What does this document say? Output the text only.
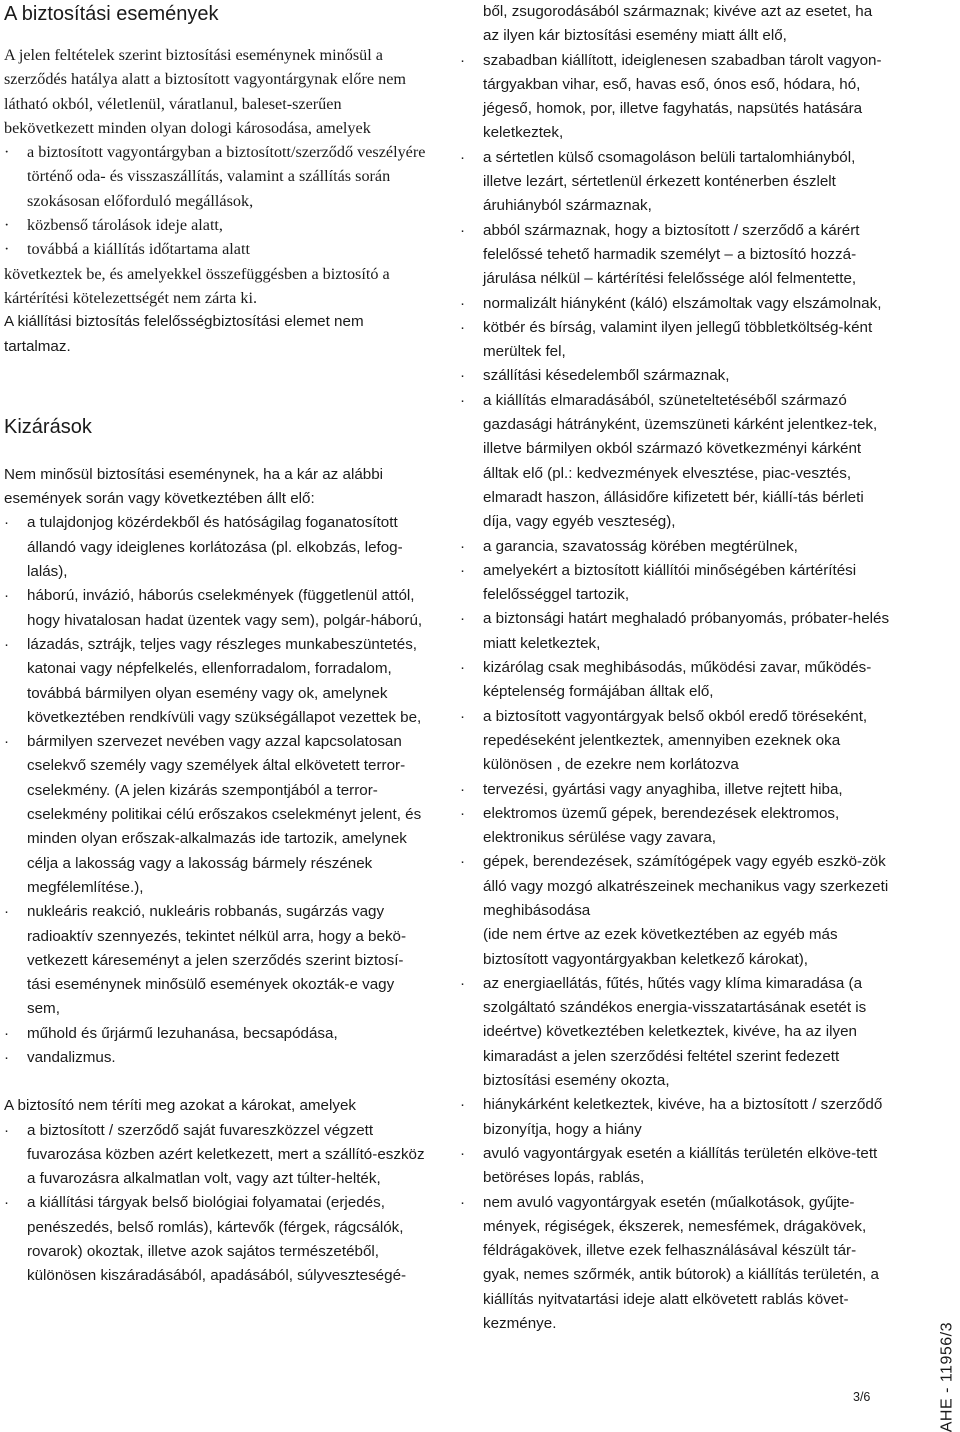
A biztosítási események

A jelen feltételek szerint biztosítási eseménynek minősül a szerződés hatálya alatt a biztosított vagyontárgynak előre nem látható okból, véletlenül, váratlanul, baleset-szerűen bekövetkezett minden olyan dologi károsodása, amelyek

· a biztosított vagyontárgyban a biztosított/szerződő veszélyére történő oda- és visszaszállítás, valamint a szállítás során szokásosan előforduló megállások,
· közbenső tárolások ideje alatt,
· továbbá a kiállítás időtartama alatt

következtek be, és amelyekkel összefüggésben a biztosító a kártérítési kötelezettségét nem zárta ki.

A kiállítási biztosítás felelősségbiztosítási elemet nem tartalmaz.

Kizárások

Nem minősül biztosítási eseménynek, ha a kár az alábbi események során vagy következtében állt elő:

· a tulajdonjog közérdekből és hatóságilag foganatosított állandó vagy ideiglenes korlátozása (pl. elkobzás, lefog-lalás),
· háború, invázió, háborús cselekmények (függetlenül attól, hogy hivatalosan hadat üzentek vagy sem), polgár-háború,
· lázadás, sztrájk, teljes vagy részleges munkabeszüntetés, katonai vagy népfelkelés, ellenforradalom, forradalom, továbbá bármilyen olyan esemény vagy ok, amelynek következtében rendkívüli vagy szükségállapot vezettek be,
· bármilyen szervezet nevében vagy azzal kapcsolatosan cselekvő személy vagy személyek által elkövetett terror-cselekmény. (A jelen kizárás szempontjából a terror-cselekmény politikai célú erőszakos cselekményt jelent, és minden olyan erőszak-alkalmazás ide tartozik, amelynek célja a lakosság vagy a lakosság bármely részének megfélemlítése.),
· nukleáris reakció, nukleáris robbanás, sugárzás vagy radioaktív szennyezés, tekintet nélkül arra, hogy a bekö-vetkezett káreseményt a jelen szerződés szerint biztosí-tási eseménynek minősülő események okozták-e vagy sem,
· műhold és űrjármű lezuhanása, becsapódása,
· vandalizmus.

A biztosító nem téríti meg azokat a károkat, amelyek

· a biztosított / szerződő saját fuvareszközzel végzett fuvarozása közben azért keletkezett, mert a szállító-eszköz a fuvarozásra alkalmatlan volt, vagy azt túlter-helték,
· a kiállítási tárgyak belső biológiai folyamatai (erjedés, penészedés, belső romlás), kártevők (férgek, rágcsálók, rovarok) okoztak, illetve azok sajátos természetéből, különösen kiszáradásából, apadásából, súlyveszteségé-

ből, zsugorodásából származnak; kivéve azt az esetet, ha az ilyen kár biztosítási esemény miatt állt elő,

· szabadban kiállított, ideiglenesen szabadban tárolt vagyon-tárgyakban vihar, eső, havas eső, ónos eső, hódara, hó, jégeső, homok, por, illetve fagyhatás, napsütés hatására keletkeztek,
· a sértetlen külső csomagoláson belüli tartalomhiányból, illetve lezárt, sértetlenül érkezett konténerben észlelt áruhiányból származnak,
· abból származnak, hogy a biztosított / szerződő a kárért felelőssé tehető harmadik személyt – a biztosító hozzá-járulása nélkül – kártérítési felelőssége alól felmentette,
· normalizált hiányként (káló) elszámoltak vagy elszámolnak,
· kötbér és bírság, valamint ilyen jellegű többletköltség-ként merültek fel,
· szállítási késedelemből származnak,
· a kiállítás elmaradásából, szüneteltetéséből származó gazdasági hátrányként, üzemszüneti kárként jelentkez-tek, illetve bármilyen okból származó következményi kárként álltak elő (pl.: kedvezmények elvesztése, piac-vesztés, elmaradt haszon, állásidőre kifizetett bér, kiállí-tás bérleti díja, vagy egyéb veszteség),
· a garancia, szavatosság körében megtérülnek,
· amelyekért a biztosított kiállítói minőségében kártérítési felelősséggel tartozik,
· a biztonsági határt meghaladó próbanyomás, próbater-helés miatt keletkeztek,
· kizárólag csak meghibásodás, működési zavar, működés-képtelenség formájában álltak elő,
· a biztosított vagyontárgyak belső okból eredő töréseként, repedéseként jelentkeztek, amennyiben ezeknek oka különösen , de ezekre nem korlátozva
· tervezési, gyártási vagy anyaghiba, illetve rejtett hiba,
· elektromos üzemű gépek, berendezések elektromos, elektronikus sérülése vagy zavara,
· gépek, berendezések, számítógépek vagy egyéb eszkö-zök álló vagy mozgó alkatrészeinek mechanikus vagy szerkezeti meghibásodása

(ide nem értve az ezek következtében az egyéb más biztosított vagyontárgyakban keletkező károkat),

· az energiaellátás, fűtés, hűtés vagy klíma kimaradása (a szolgáltató szándékos energia-visszatartásának esetét is ideértve) következtében keletkeztek, kivéve, ha az ilyen kimaradást a jelen szerződési feltétel szerint fedezett biztosítási esemény okozta,
· hiánykárként keletkeztek, kivéve, ha a biztosított / szerződő bizonyítja, hogy a hiány
· avuló vagyontárgyak esetén a kiállítás területén elköve-tett betöréses lopás, rablás,
· nem avuló vagyontárgyak esetén (műalkotások, gyűjte-mények, régiségek, ékszerek, nemesfémek, drágakövek, féldrágakövek, illetve ezek felhasználásával készült tár-gyak, nemes szőrmék, antik bútorok) a kiállítás területén, a kiállítás nyitvatartási ideje alatt elkövetett rablás követ-kezménye.	AHE - 11956/3
3/6
